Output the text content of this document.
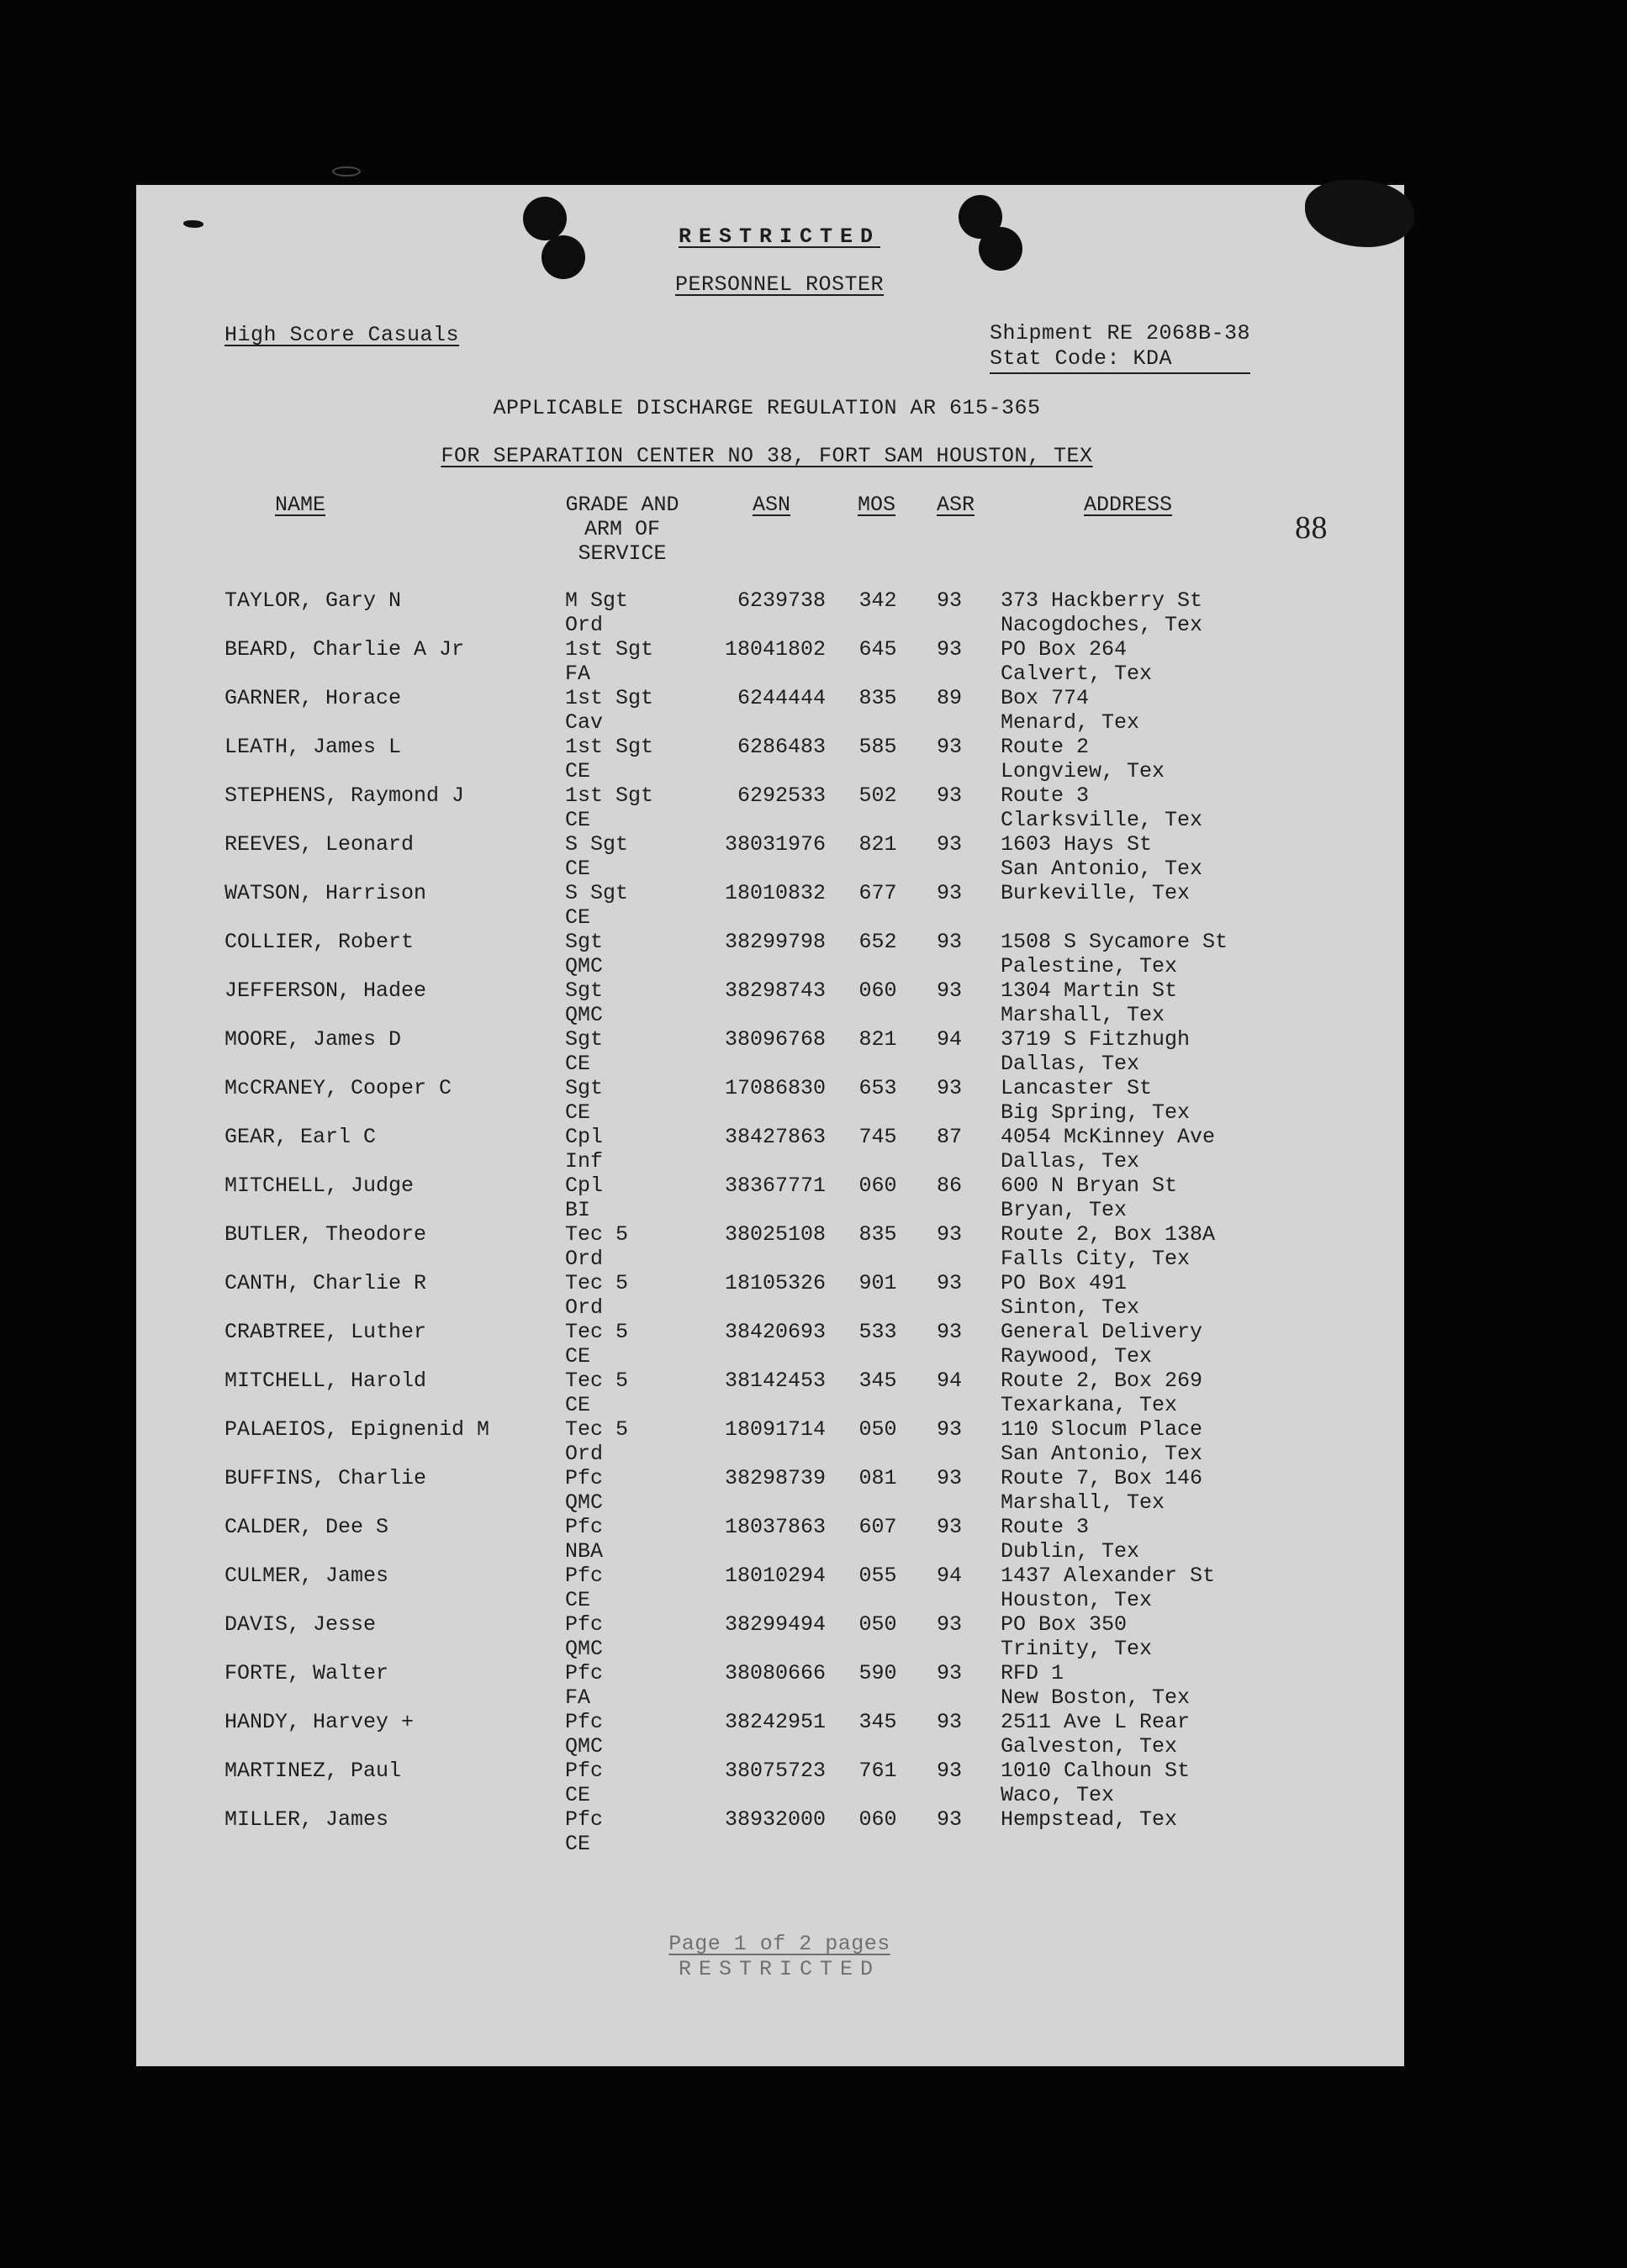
RESTRICTED
PERSONNEL ROSTER
High Score Casuals	Shipment RE 2068B-38
Stat Code: KDA
APPLICABLE DISCHARGE REGULATION AR 615-365
FOR SEPARATION CENTER NO 38, FORT SAM HOUSTON, TEX
88
NAME	GRADE AND
ARM OF
SERVICE
ASN	MOS ASR	ADDRESS
TAYLOR, Gary N	M Sgt
Ord
6239738 342	93	373 Hackberry St
Nacogdoches, Tex
BEARD, Charlie A Jr	1st Sgt
FA
18041802 645	93	PO Box 264
Calvert, Tex
GARNER, Horace	1st Sgt
Cav
6244444 835	89	Box 774
Menard, Tex
LEATH, James L	1st Sgt
CE
6286483 585	93	Route 2
Longview, Tex
STEPHENS, Raymond J	1st Sgt
CE
6292533 502	93	Route 3
Clarksville, Tex
REEVES, Leonard	S Sgt
CE
38031976 821	93	1603 Hays St
San Antonio, Tex
WATSON, Harrison	S Sgt
CE
18010832 677	93	Burkeville, Tex
COLLIER, Robert	Sgt
QMC
38299798 652	93	1508 S Sycamore St
Palestine, Tex
JEFFERSON, Hadee	Sgt
QMC
38298743 060	93	1304 Martin St
Marshall, Tex
MOORE, James D	Sgt
CE
38096768 821	94	3719 S Fitzhugh
Dallas, Tex
McCRANEY, Cooper C	Sgt
CE
17086830 653	93	Lancaster St
Big Spring, Tex
GEAR, Earl C	Cpl
Inf
38427863 745	87	4054 McKinney Ave
Dallas, Tex
MITCHELL, Judge	Cpl
BI
38367771 060	86	600 N Bryan St
Bryan, Tex
BUTLER, Theodore	Tec 5
Ord
38025108 835	93	Route 2, Box 138A
Falls City, Tex
CANTH, Charlie R	Tec 5
Ord
18105326 901	93	PO Box 491
Sinton, Tex
CRABTREE, Luther	Tec 5
CE
38420693 533	93	General Delivery
Raywood, Tex
MITCHELL, Harold	Tec 5
CE
38142453 345	94	Route 2, Box 269
Texarkana, Tex
PALAEIOS, Epignenid M	Tec 5
Ord
18091714 050	93	110 Slocum Place
San Antonio, Tex
BUFFINS, Charlie	Pfc
QMC
38298739 081	93	Route 7, Box 146
Marshall, Tex
CALDER, Dee S	Pfc
NBA
18037863 607	93	Route 3
Dublin, Tex
CULMER, James	Pfc
CE
18010294 055	94	1437 Alexander St
Houston, Tex
DAVIS, Jesse	Pfc
QMC
38299494 050	93	PO Box 350
Trinity, Tex
FORTE, Walter	Pfc
FA
38080666 590	93	RFD 1
New Boston, Tex
HANDY, Harvey +	Pfc
QMC
38242951 345	93	2511 Ave L Rear
Galveston, Tex
MARTINEZ, Paul	Pfc
CE
38075723 761	93	1010 Calhoun St
Waco, Tex
MILLER, James	Pfc
CE
38932000 060	93	Hempstead, Tex
Page 1 of 2 pages
RESTRICTED
